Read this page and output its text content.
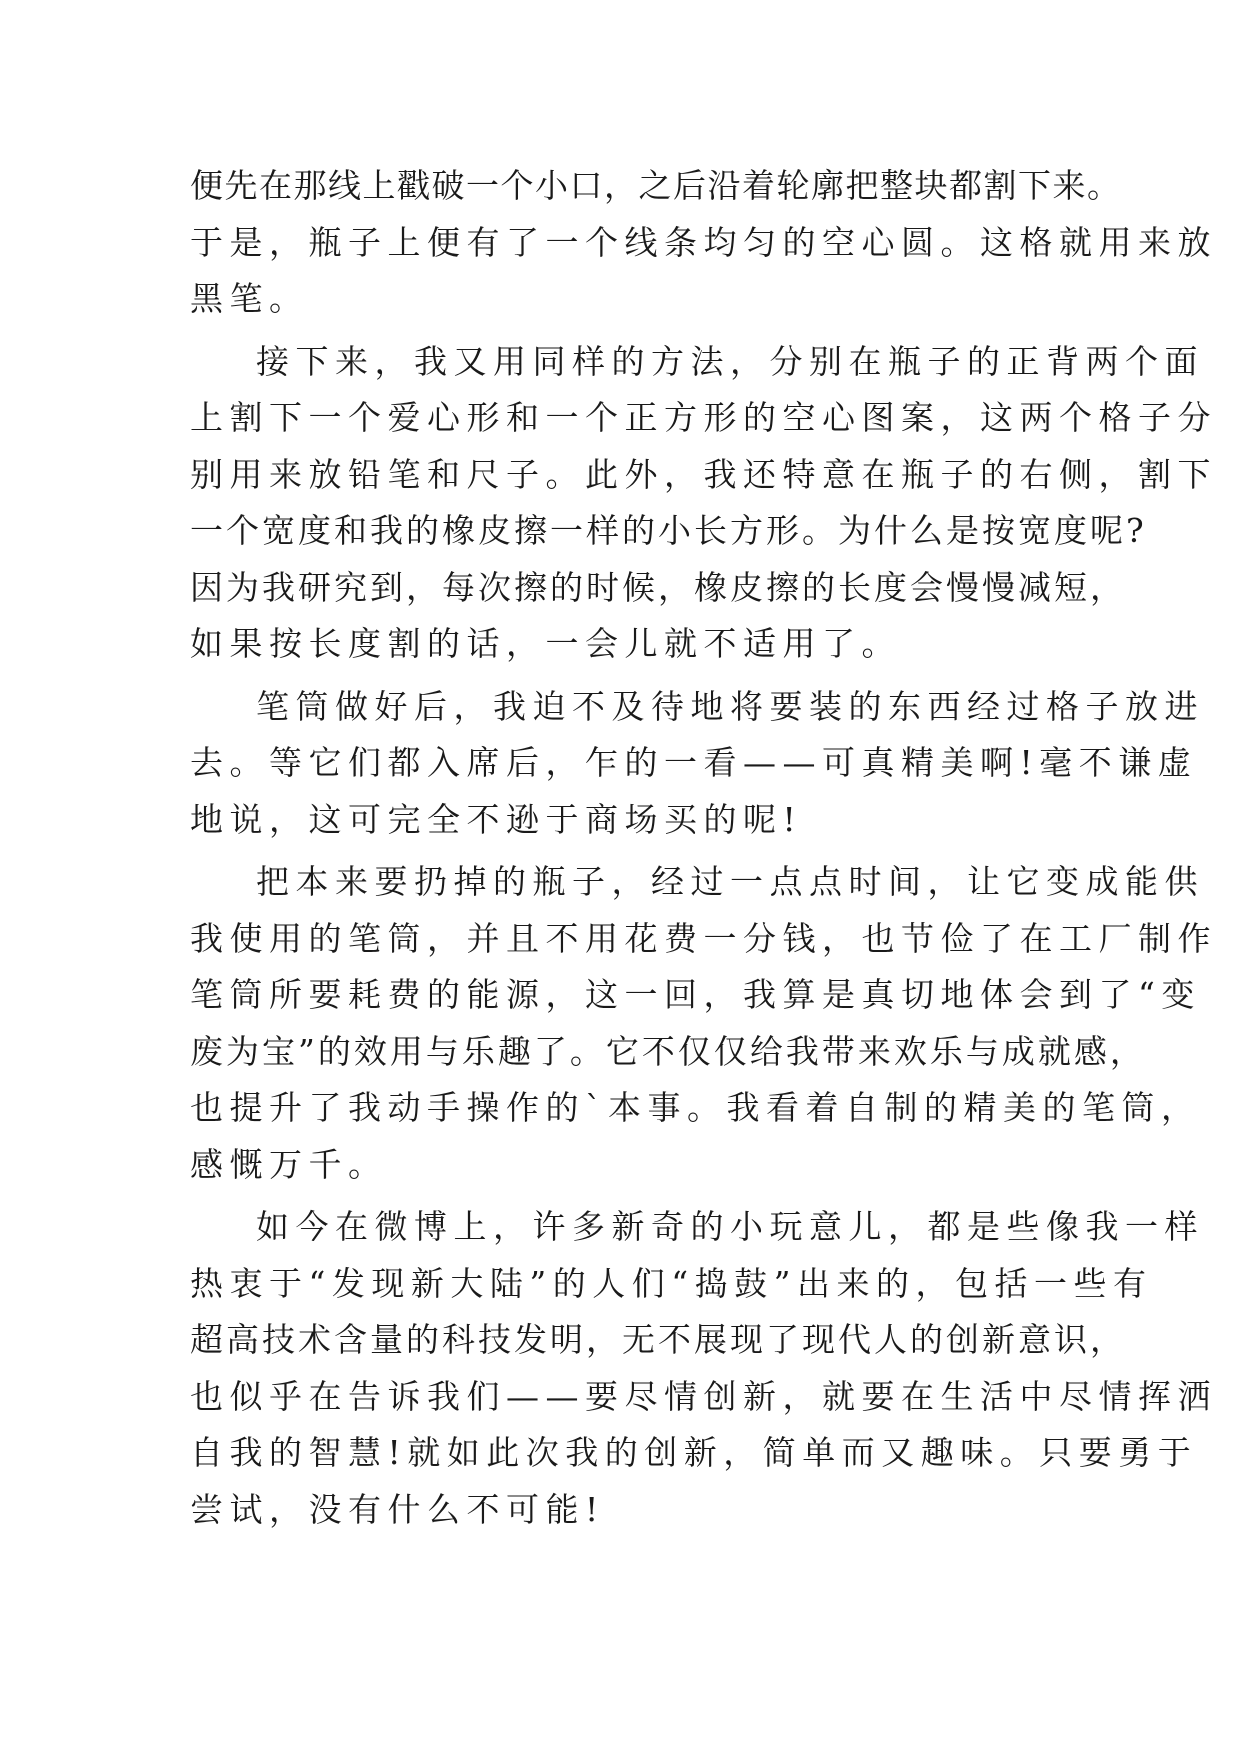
便先在那线上戳破一个小口，之后沿着轮廓把整块都割下来。
于是，瓶子上便有了一个线条均匀的空心圆。这格就用来放
黑笔。
接下来，我又用同样的方法，分别在瓶子的正背两个面
上割下一个爱心形和一个正方形的空心图案，这两个格子分
别用来放铅笔和尺子。此外，我还特意在瓶子的右侧，割下
一个宽度和我的橡皮擦一样的小长方形。为什么是按宽度呢?
因为我研究到，每次擦的时候，橡皮擦的长度会慢慢减短，
如果按长度割的话，一会儿就不适用了。
笔筒做好后，我迫不及待地将要装的东西经过格子放进
去。等它们都入席后，乍的一看——可真精美啊!毫不谦虚
地说，这可完全不逊于商场买的呢!
把本来要扔掉的瓶子，经过一点点时间，让它变成能供
我使用的笔筒，并且不用花费一分钱，也节俭了在工厂制作
笔筒所要耗费的能源，这一回，我算是真切地体会到了“变
废为宝”的效用与乐趣了。它不仅仅给我带来欢乐与成就感，
也提升了我动手操作的`本事。我看着自制的精美的笔筒，
感慨万千。
如今在微博上，许多新奇的小玩意儿，都是些像我一样
热衷于“发现新大陆”的人们“捣鼓”出来的，包括一些有
超高技术含量的科技发明，无不展现了现代人的创新意识，
也似乎在告诉我们——要尽情创新，就要在生活中尽情挥洒
自我的智慧!就如此次我的创新，简单而又趣味。只要勇于
尝试，没有什么不可能!
